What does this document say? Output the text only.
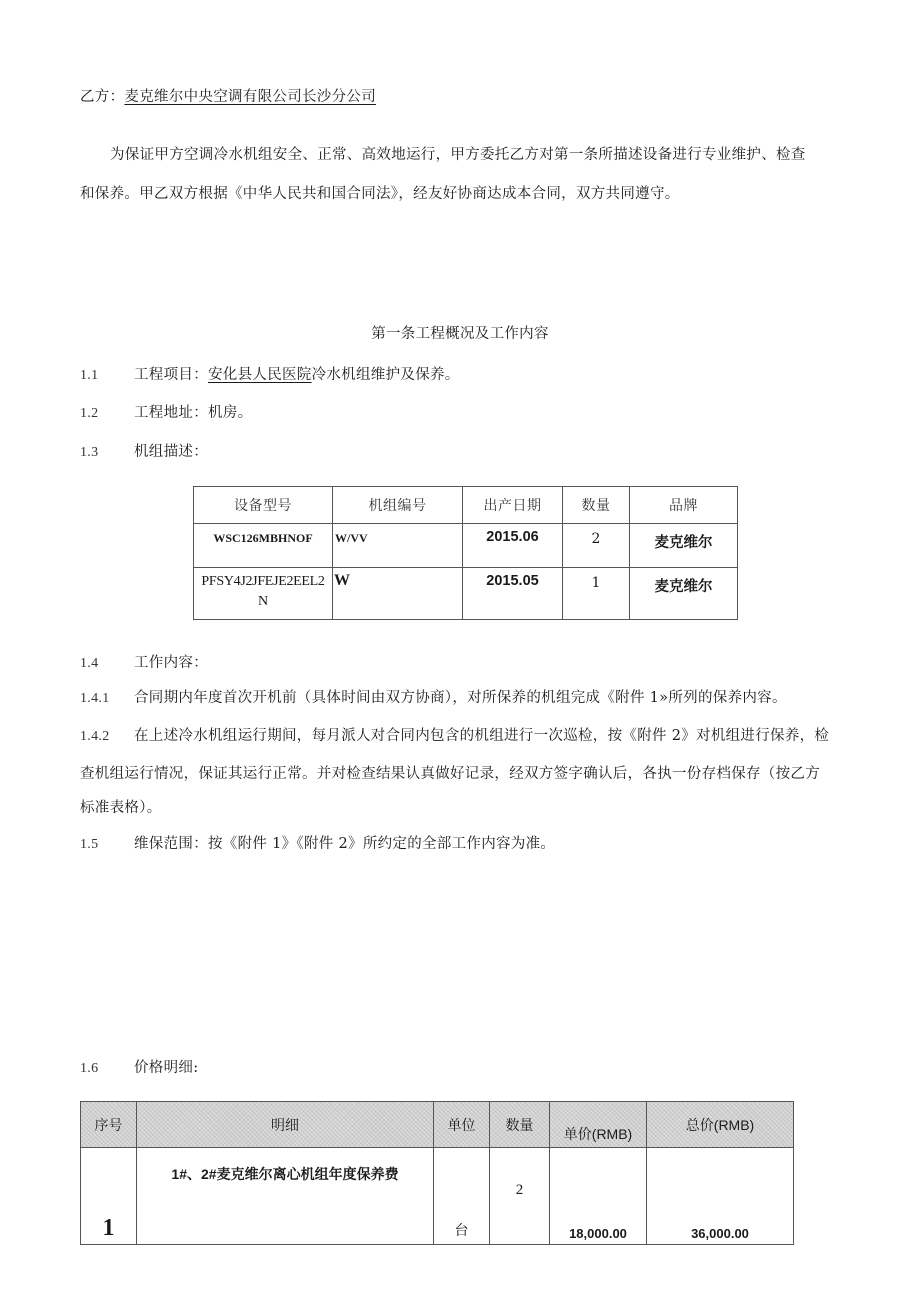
乙方：麦克维尔中央空调有限公司长沙分公司
为保证甲方空调冷水机组安全、正常、高效地运行，甲方委托乙方对第一条所描述设备进行专业维护、检查
和保养。甲乙双方根据《中华人民共和国合同法》，经友好协商达成本合同，双方共同遵守。
第一条工程概况及工作内容
1.1 工程项目：安化县人民医院冷水机组维护及保养。
1.2 工程地址：机房。
1.3 机组描述：
设备型号	机组编号	出产日期	数量	品牌
WSC126MBHNOF	W/VV	2015.06	2	麦克维尔

PFSY4J2JFEJE2EEL2
N	W	2015.05	1	麦克维尔
1.4 工作内容：
1.4.1 合同期内年度首次开机前（具体时间由双方协商），对所保养的机组完成《附件 1»所列的保养内容。
1.4.2 在上述冷水机组运行期间，每月派人对合同内包含的机组进行一次巡检，按《附件 2》对机组进行保养，检
查机组运行情况，保证其运行正常。并对检查结果认真做好记录，经双方签字确认后，各执一份存档保存（按乙方
标准表格）。
1.5 维保范围：按《附件 1》《附件 2》所约定的全部工作内容为准。
1.6 价格明细:
序号	明细	单位	数量	单价(RMB)	总价(RMB)
1	1#、2#麦克维尔离心机组年度保养费	台	2	18,000.00	36,000.00
